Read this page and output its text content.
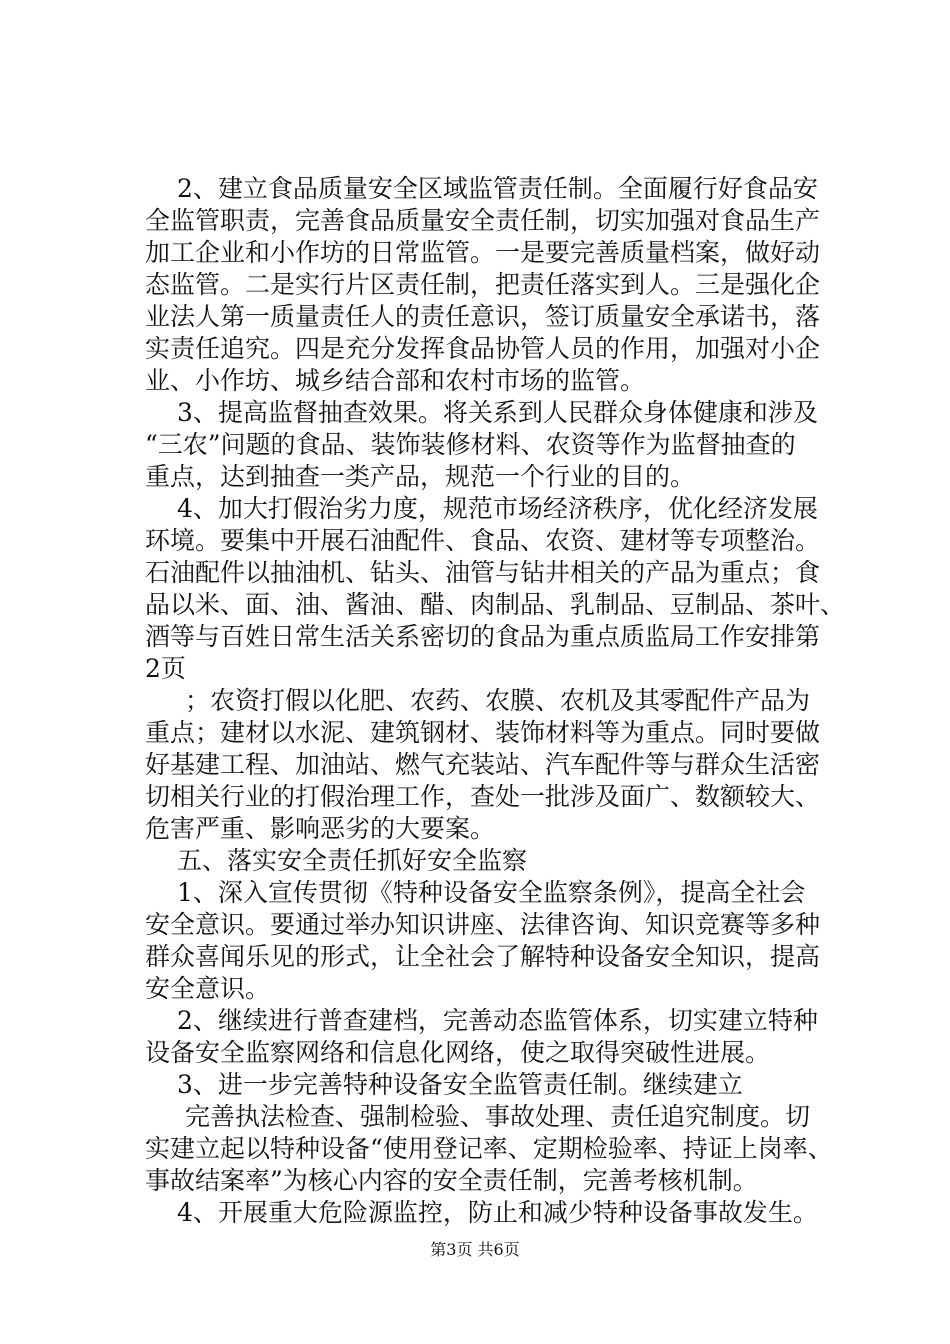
2、建立食品质量安全区域监管责任制。全面履行好食品安
全监管职责，完善食品质量安全责任制，切实加强对食品生产
加工企业和小作坊的日常监管。一是要完善质量档案，做好动
态监管。二是实行片区责任制，把责任落实到人。三是强化企
业法人第一质量责任人的责任意识，签订质量安全承诺书，落
实责任追究。四是充分发挥食品协管人员的作用，加强对小企
业、小作坊、城乡结合部和农村市场的监管。
3、提高监督抽查效果。将关系到人民群众身体健康和涉及
“三农”问题的食品、装饰装修材料、农资等作为监督抽查的
重点，达到抽查一类产品，规范一个行业的目的。
4、加大打假治劣力度，规范市场经济秩序，优化经济发展
环境。要集中开展石油配件、食品、农资、建材等专项整治。
石油配件以抽油机、钻头、油管与钻井相关的产品为重点；食
品以米、面、油、酱油、醋、肉制品、乳制品、豆制品、茶叶、
酒等与百姓日常生活关系密切的食品为重点质监局工作安排第
2页
；农资打假以化肥、农药、农膜、农机及其零配件产品为
重点；建材以水泥、建筑钢材、装饰材料等为重点。同时要做
好基建工程、加油站、燃气充装站、汽车配件等与群众生活密
切相关行业的打假治理工作，查处一批涉及面广、数额较大、
危害严重、影响恶劣的大要案。
五、落实安全责任抓好安全监察
1、深入宣传贯彻《特种设备安全监察条例》，提高全社会
安全意识。要通过举办知识讲座、法律咨询、知识竞赛等多种
群众喜闻乐见的形式，让全社会了解特种设备安全知识，提高
安全意识。
2、继续进行普查建档，完善动态监管体系，切实建立特种
设备安全监察网络和信息化网络，使之取得突破性进展。
3、进一步完善特种设备安全监管责任制。继续建立
完善执法检查、强制检验、事故处理、责任追究制度。切
实建立起以特种设备“使用登记率、定期检验率、持证上岗率、
事故结案率”为核心内容的安全责任制，完善考核机制。
4、开展重大危险源监控，防止和减少特种设备事故发生。
第3页 共6页
